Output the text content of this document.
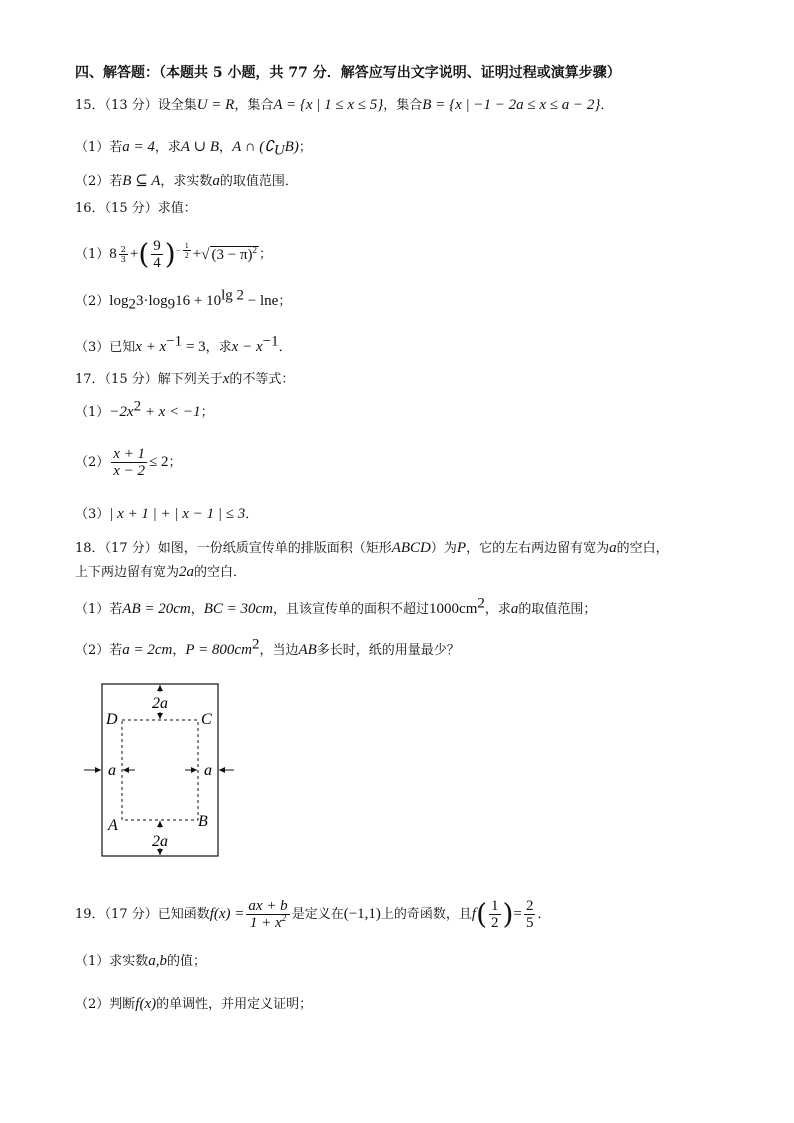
四、解答题：（本题共 5 小题，共 77 分．解答应写出文字说明、证明过程或演算步骤）
15．（13 分）设全集U = R，集合A = {x | 1 ≤ x ≤ 5}，集合B = {x | −1 − 2a ≤ x ≤ a − 2}．
（1）若a = 4，求A ∪ B，A ∩ $(∁_UB)$；
（2）若B ⊆ A，求实数a的取值范围．
16．（15 分）求值：
$(1)8 \frac{2}{3}$ +( $\frac{9}{4} )^{- \frac{1}{2}}$ +√ $(3 - \pi)^2$ ；
$(2)\log_23\cdot\log_916 + 10^{lg 2} - \ln e$；
（3）已知$x + x^{-1} = 3$，求$x - x^{-1}$．
17．（15 分）解下列关于x的不等式：
$(1)-2x^2 + x < -1$；
$(2) \frac{x + 1}{x - 2} \le 2$；
（3）| x + 1 | + | x − 1 | ≤ 3．
18．（17 分）如图，一份纸质宣传单的排版面积（矩形ABCD）为P，它的左右两边留有宽为a的空白，
上下两边留有宽为2a的空白．
（1）若AB = 20cm，BC = 30cm，且该宣传单的面积不超过$1000cm^2$，求a的取值范围；
（2）若a = 2cm，$P = 800cm^2$，当边AB多长时，纸的用量最少？
2a
2a
a	a
D	C
A	B
19．（17 分）已知函数$f(x) = \frac{ax + b}{1 + x^2}$ 是定义在(−1,1)上的奇函数，且$f( \frac{1}{2}$ )= $\frac{2}{5}$ ．
（1）求实数a,b的值；
（2）判断f(x)的单调性，并用定义证明；
